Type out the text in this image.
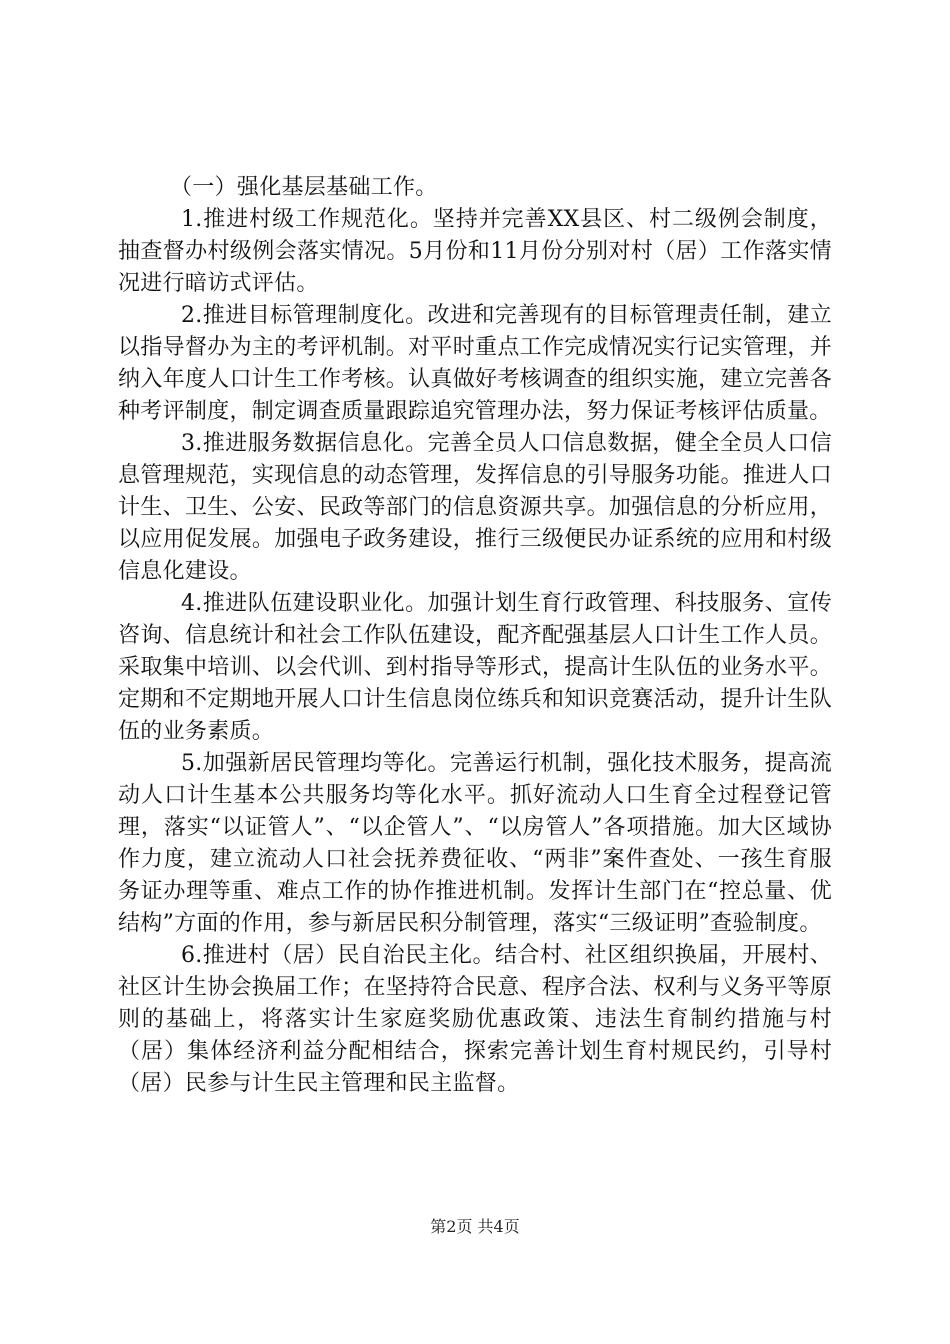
（一）强化基层基础工作。

1.推进村级工作规范化。坚持并完善XX县区、村二级例会制度，抽查督办村级例会落实情况。5月份和11月份分别对村（居）工作落实情况进行暗访式评估。

2.推进目标管理制度化。改进和完善现有的目标管理责任制，建立以指导督办为主的考评机制。对平时重点工作完成情况实行记实管理，并纳入年度人口计生工作考核。认真做好考核调查的组织实施，建立完善各种考评制度，制定调查质量跟踪追究管理办法，努力保证考核评估质量。

3.推进服务数据信息化。完善全员人口信息数据，健全全员人口信息管理规范，实现信息的动态管理，发挥信息的引导服务功能。推进人口计生、卫生、公安、民政等部门的信息资源共享。加强信息的分析应用，以应用促发展。加强电子政务建设，推行三级便民办证系统的应用和村级信息化建设。

4.推进队伍建设职业化。加强计划生育行政管理、科技服务、宣传咨询、信息统计和社会工作队伍建设，配齐配强基层人口计生工作人员。采取集中培训、以会代训、到村指导等形式，提高计生队伍的业务水平。定期和不定期地开展人口计生信息岗位练兵和知识竞赛活动，提升计生队伍的业务素质。

5.加强新居民管理均等化。完善运行机制，强化技术服务，提高流动人口计生基本公共服务均等化水平。抓好流动人口生育全过程登记管理，落实“以证管人”、“以企管人”、“以房管人”各项措施。加大区域协作力度，建立流动人口社会抚养费征收、“两非”案件查处、一孩生育服务证办理等重、难点工作的协作推进机制。发挥计生部门在“控总量、优结构”方面的作用，参与新居民积分制管理，落实“三级证明”查验制度。

6.推进村（居）民自治民主化。结合村、社区组织换届，开展村、社区计生协会换届工作；在坚持符合民意、程序合法、权利与义务平等原则的基础上，将落实计生家庭奖励优惠政策、违法生育制约措施与村（居）集体经济利益分配相结合，探索完善计划生育村规民约，引导村（居）民参与计生民主管理和民主监督。

第2页 共4页
